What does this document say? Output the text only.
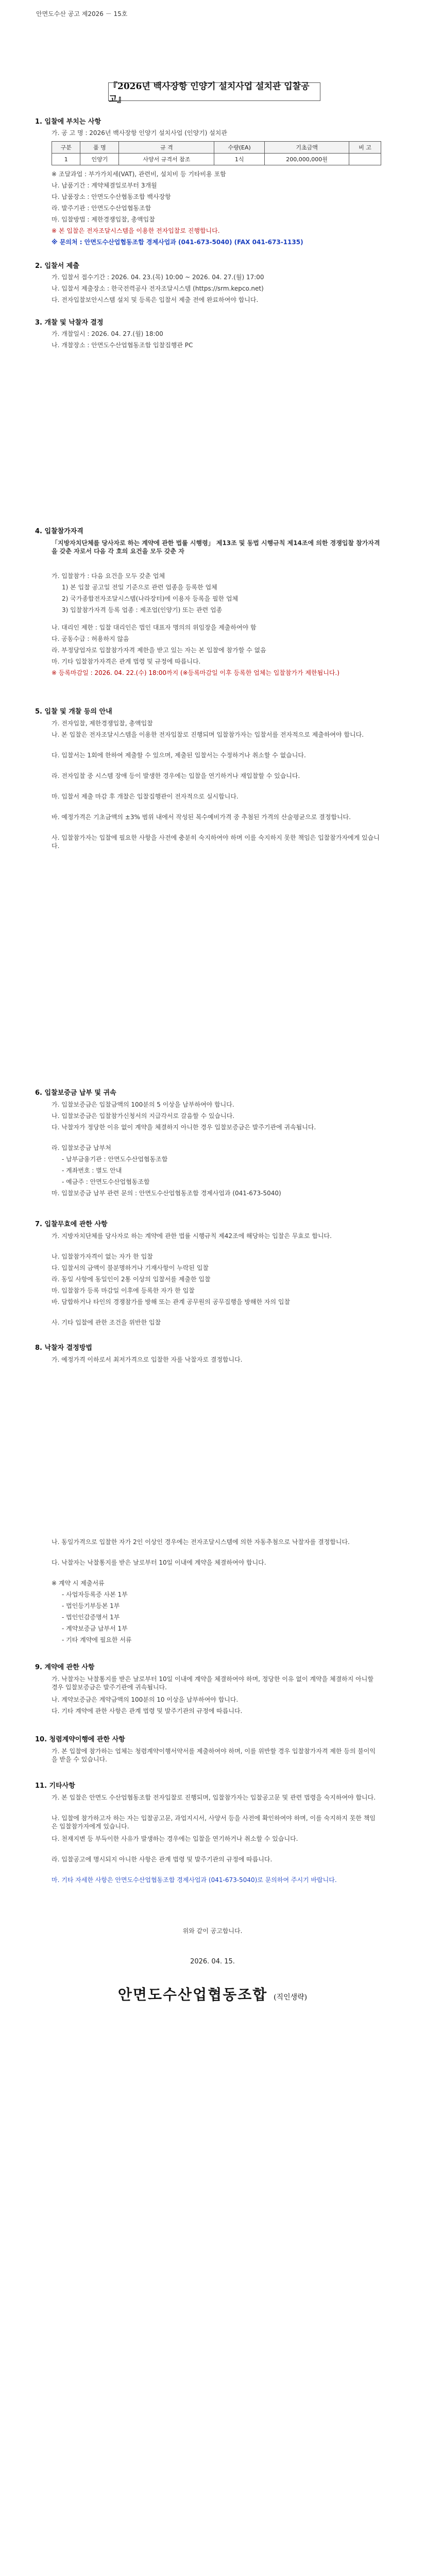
안면도수산 공고 제2026 － 15호
『2026년 백사장항 인양기 설치사업 설치관 입찰공고』
1. 입찰에 부치는 사항
가. 공 고 명 : 2026년 백사장항 인양기 설치사업 (인양기) 설치관
구분	품 명	규 격	수량(EA)	기초금액	비 고
1	인양기	사양서 규격서 참조	1식	200,000,000원	
※ 조달과업 : 부가가치세(VAT), 관련비, 설치비 등 기타비용 포함
나. 납품기간 : 계약체결일로부터 3개월
다. 납품장소 : 안면도수산협동조합 백사장항
라. 발주기관 : 안면도수산업협동조합
마. 입찰방법 : 제한경쟁입찰, 총액입찰
※ 본 입찰은 전자조달시스템을 이용한 전자입찰로 진행합니다.
※ 문의처 : 안면도수산업협동조합 경제사업과 (041-673-5040) (FAX 041-673-1135)
2. 입찰서 제출
가. 입찰서 접수기간 : 2026. 04. 23.(목) 10:00 ~ 2026. 04. 27.(월) 17:00
나. 입찰서 제출장소 : 한국전력공사 전자조달시스템 (https://srm.kepco.net)
다. 전자입찰보안시스템 설치 및 등록은 입찰서 제출 전에 완료하여야 합니다.
3. 개찰 및 낙찰자 결정
가. 개찰일시 : 2026. 04. 27.(월) 18:00
나. 개찰장소 : 안면도수산업협동조합 입찰집행관 PC
4. 입찰참가자격
「지방자치단체를 당사자로 하는 계약에 관한 법률 시행령」 제13조 및 동법 시행규칙 제14조에 의한 경쟁입찰 참가자격을 갖춘 자로서 다음 각 호의 요건을 모두 갖춘 자
가. 입찰참가 : 다음 요건을 모두 갖춘 업체
1) 본 입찰 공고일 전일 기준으로 관련 업종을 등록한 업체
2) 국가종합전자조달시스템(나라장터)에 이용자 등록을 필한 업체
3) 입찰참가자격 등록 업종 : 제조업(인양기) 또는 관련 업종
나. 대리인 제한 : 입찰 대리인은 법인 대표자 명의의 위임장을 제출하여야 함
다. 공동수급 : 허용하지 않음
라. 부정당업자로 입찰참가자격 제한을 받고 있는 자는 본 입찰에 참가할 수 없음
마. 기타 입찰참가자격은 관계 법령 및 규정에 따릅니다.
※ 등록마감일 : 2026. 04. 22.(수) 18:00까지 (※등록마감일 이후 등록한 업체는 입찰참가가 제한됩니다.)
5. 입찰 및 개찰 등의 안내
가. 전자입찰, 제한경쟁입찰, 총액입찰
나. 본 입찰은 전자조달시스템을 이용한 전자입찰로 진행되며 입찰참가자는 입찰서를 전자적으로 제출하여야 합니다.
다. 입찰서는 1회에 한하여 제출할 수 있으며, 제출된 입찰서는 수정하거나 취소할 수 없습니다.
라. 전자입찰 중 시스템 장애 등이 발생한 경우에는 입찰을 연기하거나 재입찰할 수 있습니다.
마. 입찰서 제출 마감 후 개찰은 입찰집행관이 전자적으로 실시합니다.
바. 예정가격은 기초금액의 ±3% 범위 내에서 작성된 복수예비가격 중 추첨된 가격의 산술평균으로 결정합니다.
사. 입찰참가자는 입찰에 필요한 사항을 사전에 충분히 숙지하여야 하며 이를 숙지하지 못한 책임은 입찰참가자에게 있습니다.
6. 입찰보증금 납부 및 귀속
가. 입찰보증금은 입찰금액의 100분의 5 이상을 납부하여야 합니다.
나. 입찰보증금은 입찰참가신청서의 지급각서로 갈음할 수 있습니다.
다. 낙찰자가 정당한 이유 없이 계약을 체결하지 아니한 경우 입찰보증금은 발주기관에 귀속됩니다.
라. 입찰보증금 납부처
- 납부금융기관 : 안면도수산업협동조합
- 계좌번호 : 별도 안내
- 예금주 : 안면도수산업협동조합
마. 입찰보증금 납부 관련 문의 : 안면도수산업협동조합 경제사업과 (041-673-5040)
7. 입찰무효에 관한 사항
가. 지방자치단체를 당사자로 하는 계약에 관한 법률 시행규칙 제42조에 해당하는 입찰은 무효로 합니다.
나. 입찰참가자격이 없는 자가 한 입찰
다. 입찰서의 금액이 불분명하거나 기재사항이 누락된 입찰
라. 동일 사항에 동일인이 2통 이상의 입찰서를 제출한 입찰
마. 입찰참가 등록 마감일 이후에 등록한 자가 한 입찰
바. 담합하거나 타인의 경쟁참가를 방해 또는 관계 공무원의 공무집행을 방해한 자의 입찰
사. 기타 입찰에 관한 조건을 위반한 입찰
8. 낙찰자 결정방법
가. 예정가격 이하로서 최저가격으로 입찰한 자를 낙찰자로 결정합니다.
나. 동일가격으로 입찰한 자가 2인 이상인 경우에는 전자조달시스템에 의한 자동추첨으로 낙찰자를 결정합니다.
다. 낙찰자는 낙찰통지를 받은 날로부터 10일 이내에 계약을 체결하여야 합니다.
※ 계약 시 제출서류
- 사업자등록증 사본 1부
- 법인등기부등본 1부
- 법인인감증명서 1부
- 계약보증금 납부서 1부
- 기타 계약에 필요한 서류
9. 계약에 관한 사항
가. 낙찰자는 낙찰통지를 받은 날로부터 10일 이내에 계약을 체결하여야 하며, 정당한 이유 없이 계약을 체결하지 아니할 경우 입찰보증금은 발주기관에 귀속됩니다.
나. 계약보증금은 계약금액의 100분의 10 이상을 납부하여야 합니다.
다. 기타 계약에 관한 사항은 관계 법령 및 발주기관의 규정에 따릅니다.
10. 청렴계약이행에 관한 사항
가. 본 입찰에 참가하는 업체는 청렴계약이행서약서를 제출하여야 하며, 이를 위반할 경우 입찰참가자격 제한 등의 불이익을 받을 수 있습니다.
11. 기타사항
가. 본 입찰은 안면도 수산업협동조합 전자입찰로 진행되며, 입찰참가자는 입찰공고문 및 관련 법령을 숙지하여야 합니다.
나. 입찰에 참가하고자 하는 자는 입찰공고문, 과업지시서, 사양서 등을 사전에 확인하여야 하며, 이를 숙지하지 못한 책임은 입찰참가자에게 있습니다.
다. 천재지변 등 부득이한 사유가 발생하는 경우에는 입찰을 연기하거나 취소할 수 있습니다.
라. 입찰공고에 명시되지 아니한 사항은 관계 법령 및 발주기관의 규정에 따릅니다.
마. 기타 자세한 사항은 안면도수산업협동조합 경제사업과 (041-673-5040)로 문의하여 주시기 바랍니다.
위와 같이 공고합니다.
2026. 04. 15.
안면도수산업협동조합 (직인생략)
